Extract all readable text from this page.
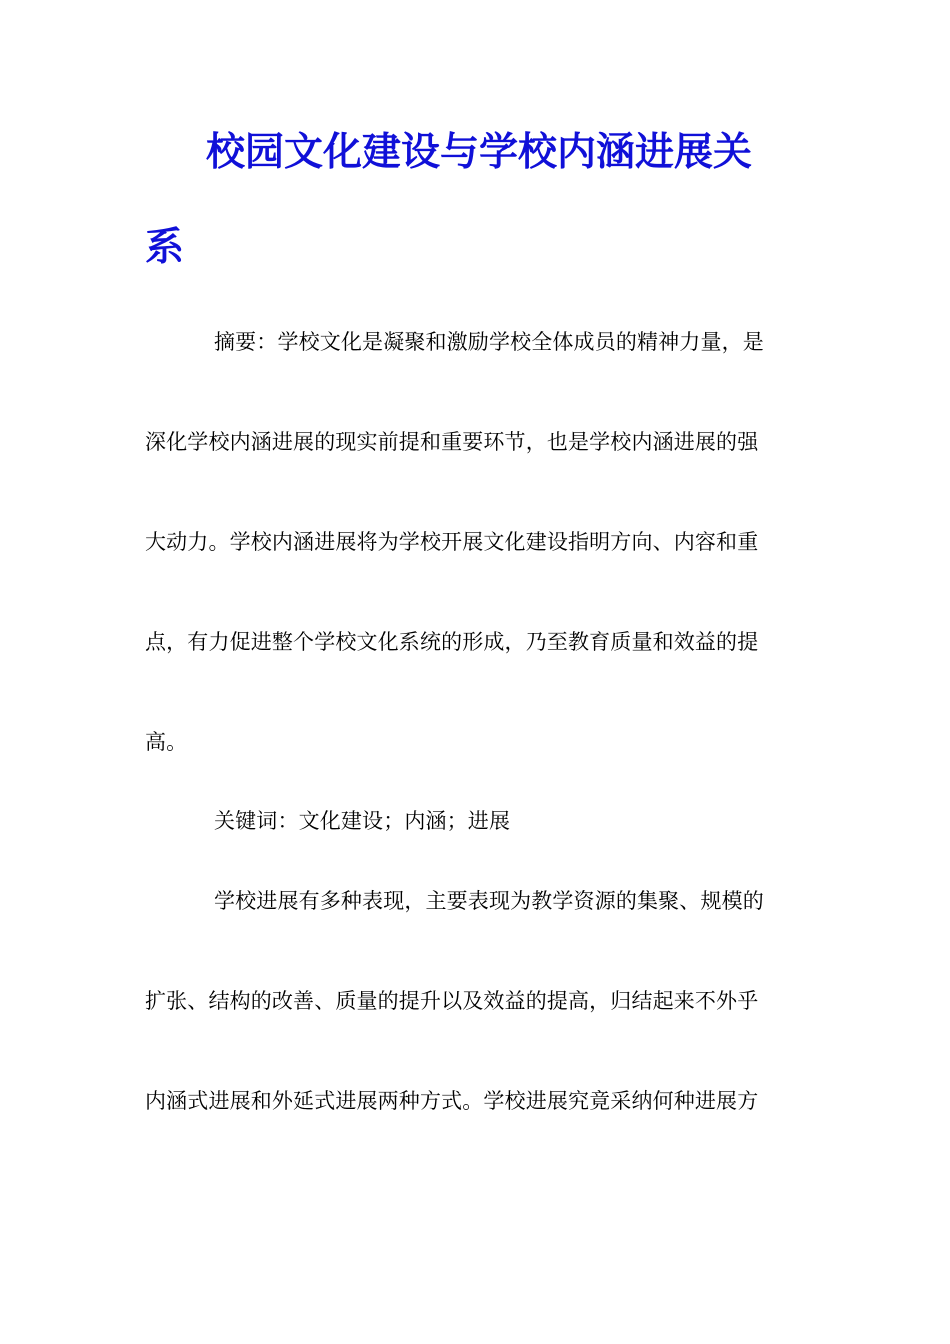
校园文化建设与学校内涵进展关
系
摘要：学校文化是凝聚和激励学校全体成员的精神力量，是
深化学校内涵进展的现实前提和重要环节，也是学校内涵进展的强
大动力。学校内涵进展将为学校开展文化建设指明方向、内容和重
点，有力促进整个学校文化系统的形成，乃至教育质量和效益的提
高。
关键词：文化建设；内涵；进展
学校进展有多种表现，主要表现为教学资源的集聚、规模的
扩张、结构的改善、质量的提升以及效益的提高，归结起来不外乎
内涵式进展和外延式进展两种方式。学校进展究竟采纳何种进展方
